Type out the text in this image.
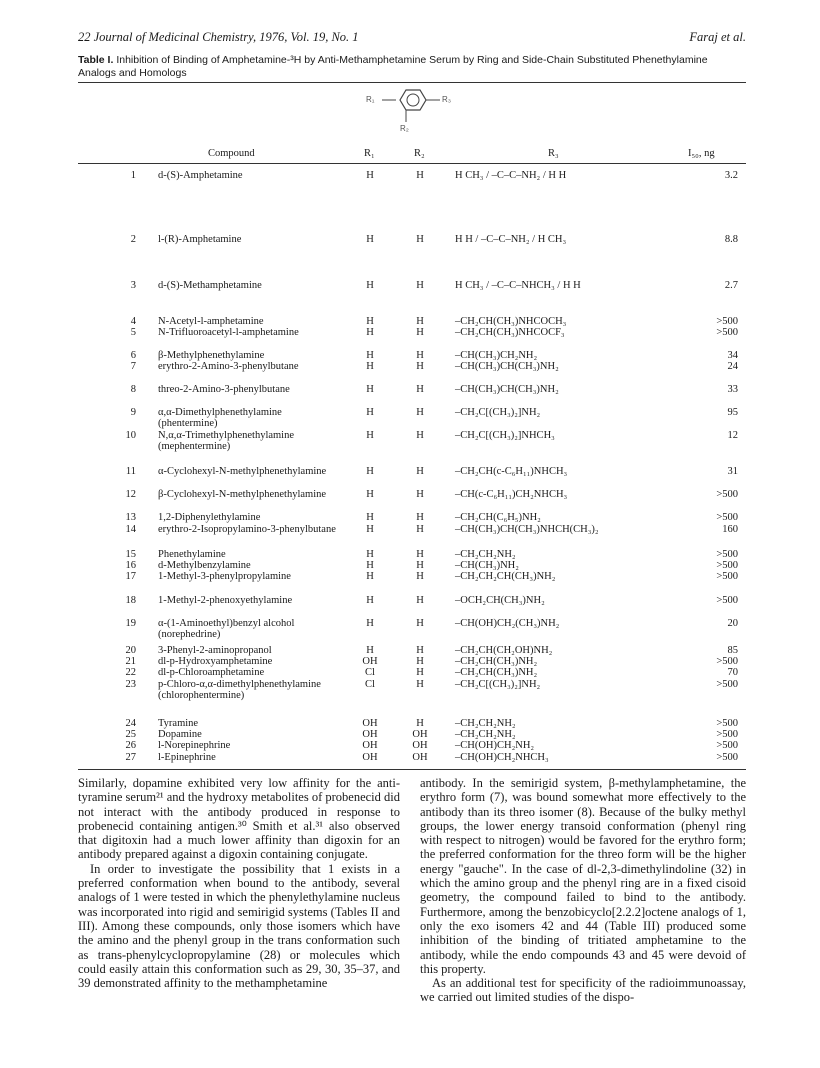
22 Journal of Medicinal Chemistry, 1976, Vol. 19, No. 1	Faraj et al.
Table I. Inhibition of Binding of Amphetamine-³H by Anti-Methamphetamine Serum by Ring and Side-Chain Substituted Phenethylamine Analogs and Homologs
R₁	R₃
R₂
Compound	R₁	R₂	R₃	I₅₀, ng
1 d-(S)-Amphetamine	H	H	H CH₃ / –C–C–NH₂ / H H	3.2
2 l-(R)-Amphetamine	H	H	H H / –C–C–NH₂ / H CH₃	8.8
3 d-(S)-Methamphetamine	H	H	H CH₃ / –C–C–NHCH₃ / H H	2.7
4 N-Acetyl-l-amphetamine	H	H	–CH₂CH(CH₃)NHCOCH₃	>500
5 N-Trifluoroacetyl-l-amphetamine	H	H	–CH₂CH(CH₃)NHCOCF₃	>500
6 β-Methylphenethylamine	H	H	–CH(CH₃)CH₂NH₂	34
7 erythro-2-Amino-3-phenylbutane	H	H	–CH(CH₃)CH(CH₃)NH₂	24
8 threo-2-Amino-3-phenylbutane	H	H	–CH(CH₃)CH(CH₃)NH₂	33
9 α,α-Dimethylphenethylamine (phentermine)
H	H	–CH₂C[(CH₃)₂]NH₂	95
10 N,α,α-Trimethylphenethylamine (mephentermine)
H	H	–CH₂C[(CH₃)₂]NHCH₃	12
11 α-Cyclohexyl-N-methylphenethylamine	H	H	–CH₂CH(c-C₆H₁₁)NHCH₃	31
12 β-Cyclohexyl-N-methylphenethylamine	H	H	–CH(c-C₆H₁₁)CH₂NHCH₃	>500
13 1,2-Diphenylethylamine	H	H	–CH₂CH(C₆H₅)NH₂	>500
14 erythro-2-Isopropylamino-3-phenylbutane	H	H	–CH(CH₃)CH(CH₃)NHCH(CH₃)₂	160
15 Phenethylamine	H	H	–CH₂CH₂NH₂	>500
16 d-Methylbenzylamine	H	H	–CH(CH₃)NH₂	>500
17 1-Methyl-3-phenylpropylamine	H	H	–CH₂CH₂CH(CH₃)NH₂	>500
18 1-Methyl-2-phenoxyethylamine	H	H	–OCH₂CH(CH₃)NH₂	>500
19 α-(1-Aminoethyl)benzyl alcohol (norephedrine)
H	H	–CH(OH)CH₂(CH₃)NH₂	20
20 3-Phenyl-2-aminopropanol	H	H	–CH₂CH(CH₂OH)NH₂	85
21 dl-p-Hydroxyamphetamine	OH	H	–CH₂CH(CH₃)NH₂	>500
22 dl-p-Chloroamphetamine	Cl	H	–CH₂CH(CH₃)NH₂	70
23 p-Chloro-α,α-dimethylphenethylamine (chlorophentermine)
Cl	H	–CH₂C[(CH₃)₂]NH₂	>500
24 Tyramine	OH	H	–CH₂CH₂NH₂	>500
25 Dopamine	OH	OH	–CH₂CH₂NH₂	>500
26 l-Norepinephrine	OH	OH	–CH(OH)CH₂NH₂	>500
27 l-Epinephrine	OH	OH	–CH(OH)CH₂NHCH₃	>500

Similarly, dopamine exhibited very low affinity for the anti-tyramine serum²¹ and the hydroxy metabolites of probenecid did not interact with the antibody produced in response to probenecid containing antigen.³⁰ Smith et al.³¹ also observed that digitoxin had a much lower affinity than digoxin for an antibody prepared against a digoxin containing conjugate.

In order to investigate the possibility that 1 exists in a preferred conformation when bound to the antibody, several analogs of 1 were tested in which the phenylethylamine nucleus was incorporated into rigid and semirigid systems (Tables II and III). Among these compounds, only those isomers which have the amino and the phenyl group in the trans conformation such as trans-phenylcyclopropylamine (28) or molecules which could easily attain this conformation such as 29, 30, 35–37, and 39 demonstrated affinity to the methamphetamine

antibody. In the semirigid system, β-methylamphetamine, the erythro form (7), was bound somewhat more effectively to the antibody than its threo isomer (8). Because of the bulky methyl groups, the lower energy transoid conformation (phenyl ring with respect to nitrogen) would be favored for the erythro form; the preferred conformation for the threo form will be the higher energy "gauche". In the case of dl-2,3-dimethylindoline (32) in which the amino group and the phenyl ring are in a fixed cisoid geometry, the compound failed to bind to the antibody. Furthermore, among the benzobicyclo[2.2.2]octene analogs of 1, only the exo isomers 42 and 44 (Table III) produced some inhibition of the binding of tritiated amphetamine to the antibody, while the endo compounds 43 and 45 were devoid of this property.

As an additional test for specificity of the radioimmunoassay, we carried out limited studies of the dispo-
